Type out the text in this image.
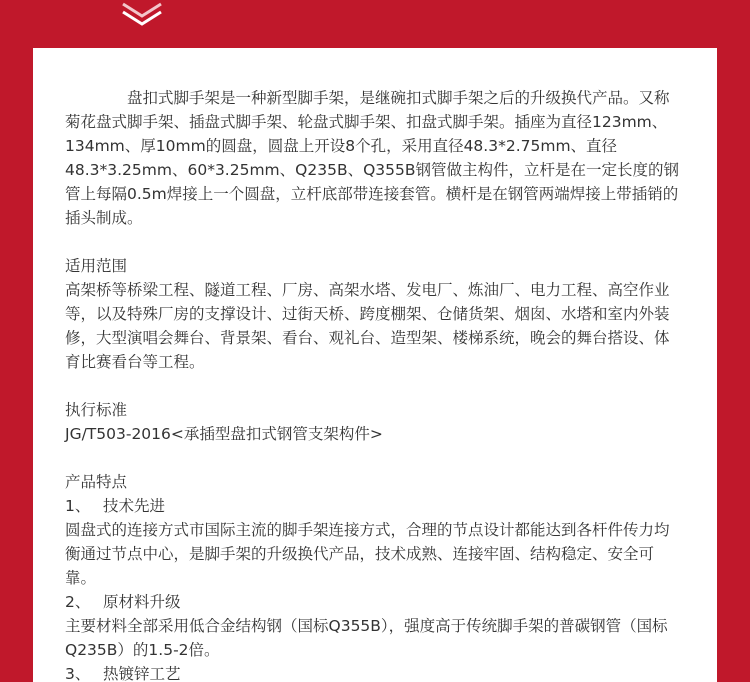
盘扣式脚手架是一种新型脚手架，是继碗扣式脚手架之后的升级换代产品。又称菊花盘式脚手架、插盘式脚手架、轮盘式脚手架、扣盘式脚手架。插座为直径123mm、134mm、厚10mm的圆盘，圆盘上开设8个孔，采用直径48.3*2.75mm、直径48.3*3.25mm、60*3.25mm、Q235B、Q355B钢管做主构件，立杆是在一定长度的钢管上每隔0.5m焊接上一个圆盘，立杆底部带连接套管。横杆是在钢管两端焊接上带插销的插头制成。

适用范围

高架桥等桥梁工程、隧道工程、厂房、高架水塔、发电厂、炼油厂、电力工程、高空作业等，以及特殊厂房的支撑设计、过街天桥、跨度棚架、仓储货架、烟囱、水塔和室内外装修，大型演唱会舞台、背景架、看台、观礼台、造型架、楼梯系统，晚会的舞台搭设、体育比赛看台等工程。

执行标准

JG/T503-2016<承插型盘扣式钢管支架构件>

产品特点

1、 技术先进

圆盘式的连接方式市国际主流的脚手架连接方式，合理的节点设计都能达到各杆件传力均衡通过节点中心，是脚手架的升级换代产品，技术成熟、连接牢固、结构稳定、安全可靠。

2、 原材料升级

主要材料全部采用低合金结构钢（国标Q355B），强度高于传统脚手架的普碳钢管（国标Q235B）的1.5-2倍。

3、 热镀锌工艺
